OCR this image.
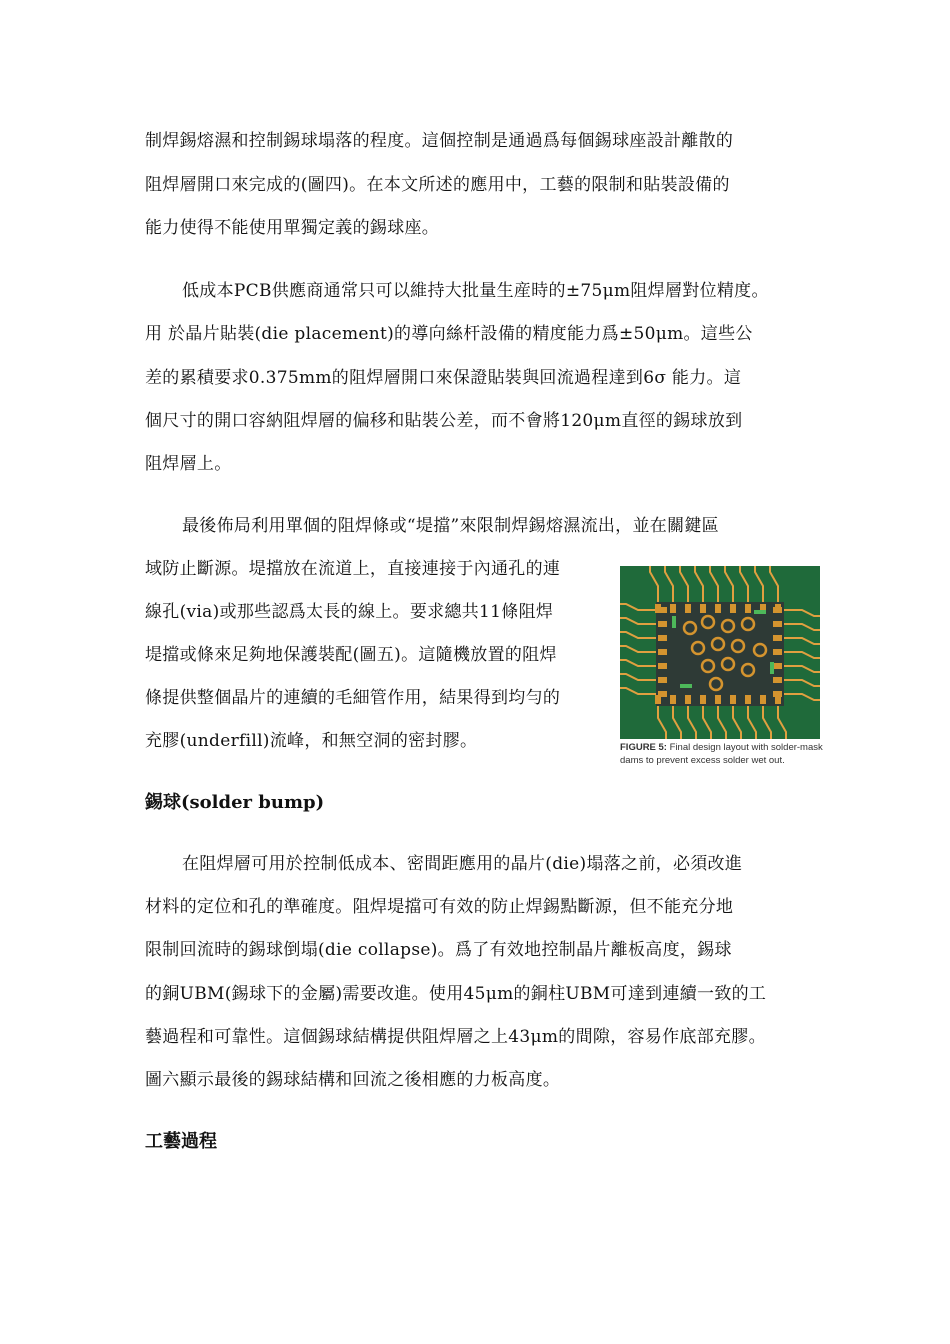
制焊錫熔濕和控制錫球塌落的程度。這個控制是通過爲每個錫球座設計離散的
阻焊層開口來完成的(圖四)。在本文所述的應用中，工藝的限制和貼裝設備的
能力使得不能使用單獨定義的錫球座。
低成本PCB供應商通常只可以維持大批量生産時的±75μm阻焊層對位精度。
用 於晶片貼裝(die placement)的導向絲杆設備的精度能力爲±50μm。這些公
差的累積要求0.375mm的阻焊層開口來保證貼裝與回流過程達到6σ 能力。這
個尺寸的開口容納阻焊層的偏移和貼裝公差，而不會將120μm直徑的錫球放到
阻焊層上。
最後佈局利用單個的阻焊條或“堤擋”來限制焊錫熔濕流出，並在關鍵區
域防止斷源。堤擋放在流道上，直接連接于內通孔的連
線孔(via)或那些認爲太長的線上。要求總共11條阻焊
堤擋或條來足夠地保護裝配(圖五)。這隨機放置的阻焊
條提供整個晶片的連續的毛細管作用，結果得到均勻的
充膠(underfill)流峰，和無空洞的密封膠。	FIGURE 5: Final design layout with solder-mask dams to prevent excess solder wet out.
錫球(solder bump)
在阻焊層可用於控制低成本、密間距應用的晶片(die)塌落之前，必須改進
材料的定位和孔的準確度。阻焊堤擋可有效的防止焊錫點斷源，但不能充分地
限制回流時的錫球倒塌(die collapse)。爲了有效地控制晶片離板高度，錫球
的銅UBM(錫球下的金屬)需要改進。使用45μm的銅柱UBM可達到連續一致的工
藝過程和可靠性。這個錫球結構提供阻焊層之上43μm的間隙，容易作底部充膠。
圖六顯示最後的錫球結構和回流之後相應的力板高度。
工藝過程
